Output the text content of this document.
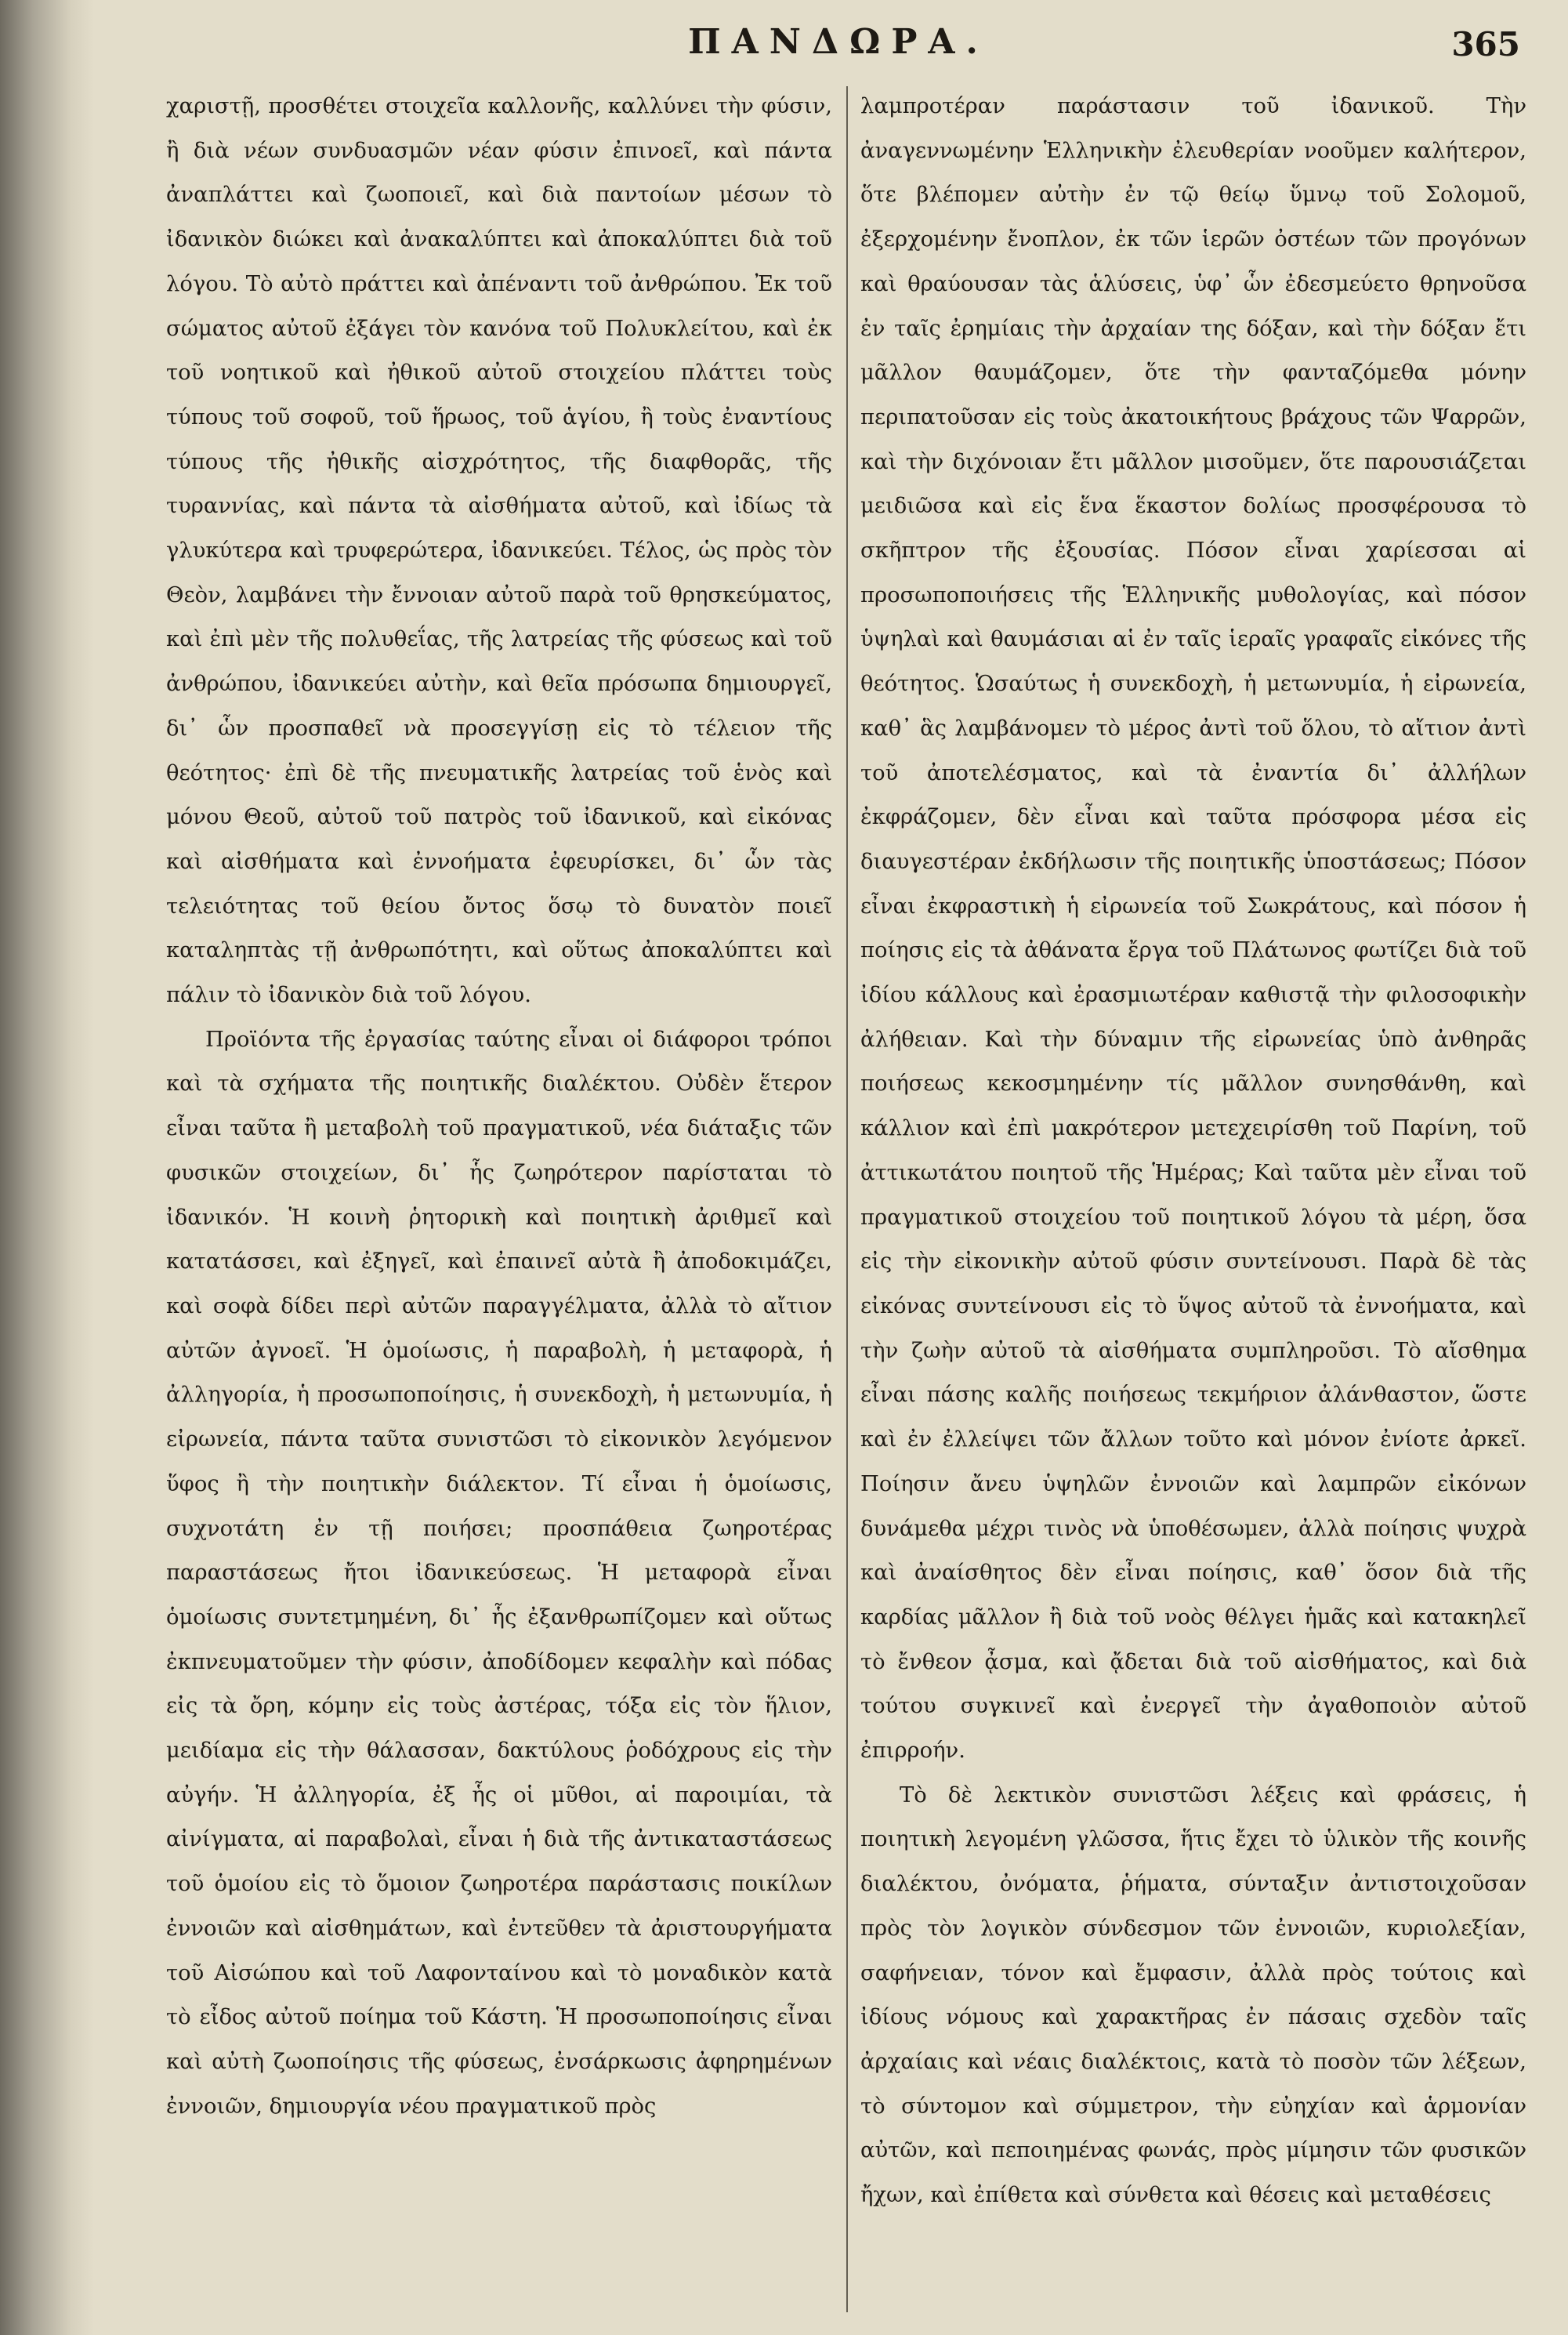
ΠΑΝΔΩΡΑ.	365

χαριστῇ, προσθέτει στοιχεῖα καλλονῆς, καλλύνει τὴν φύσιν, ἢ διὰ νέων συνδυασμῶν νέαν φύσιν ἐπινοεῖ, καὶ πάντα ἀναπλάττει καὶ ζωοποιεῖ, καὶ διὰ παντοίων μέσων τὸ ἰδανικὸν διώκει καὶ ἀνακαλύπτει καὶ ἀποκαλύπτει διὰ τοῦ λόγου. Τὸ αὐτὸ πράττει καὶ ἀπέναντι τοῦ ἀνθρώπου. Ἐκ τοῦ σώματος αὐτοῦ ἐξάγει τὸν κανόνα τοῦ Πολυκλείτου, καὶ ἐκ τοῦ νοητικοῦ καὶ ἠθικοῦ αὐτοῦ στοιχείου πλάττει τοὺς τύπους τοῦ σοφοῦ, τοῦ ἥρωος, τοῦ ἁγίου, ἢ τοὺς ἐναντίους τύπους τῆς ἠθικῆς αἰσχρότητος, τῆς διαφθορᾶς, τῆς τυραννίας, καὶ πάντα τὰ αἰσθήματα αὐτοῦ, καὶ ἰδίως τὰ γλυκύτερα καὶ τρυφερώτερα, ἰδανικεύει. Τέλος, ὡς πρὸς τὸν Θεὸν, λαμβάνει τὴν ἔννοιαν αὐτοῦ παρὰ τοῦ θρησκεύματος, καὶ ἐπὶ μὲν τῆς πολυθεΐας, τῆς λατρείας τῆς φύσεως καὶ τοῦ ἀνθρώπου, ἰδανικεύει αὐτὴν, καὶ θεῖα πρόσωπα δημιουργεῖ, δι᾽ ὧν προσπαθεῖ νὰ προσεγγίσῃ εἰς τὸ τέλειον τῆς θεότητος· ἐπὶ δὲ τῆς πνευματικῆς λατρείας τοῦ ἑνὸς καὶ μόνου Θεοῦ, αὐτοῦ τοῦ πατρὸς τοῦ ἰδανικοῦ, καὶ εἰκόνας καὶ αἰσθήματα καὶ ἐννοήματα ἐφευρίσκει, δι᾽ ὧν τὰς τελειότητας τοῦ θείου ὄντος ὅσῳ τὸ δυνατὸν ποιεῖ καταληπτὰς τῇ ἀνθρωπότητι, καὶ οὕτως ἀποκαλύπτει καὶ πάλιν τὸ ἰδανικὸν διὰ τοῦ λόγου.

Προϊόντα τῆς ἐργασίας ταύτης εἶναι οἱ διάφοροι τρόποι καὶ τὰ σχήματα τῆς ποιητικῆς διαλέκτου. Οὐδὲν ἕτερον εἶναι ταῦτα ἢ μεταβολὴ τοῦ πραγματικοῦ, νέα διάταξις τῶν φυσικῶν στοιχείων, δι᾽ ἧς ζωηρότερον παρίσταται τὸ ἰδανικόν. Ἡ κοινὴ ῥητορικὴ καὶ ποιητικὴ ἀριθμεῖ καὶ κατατάσσει, καὶ ἐξηγεῖ, καὶ ἐπαινεῖ αὐτὰ ἢ ἀποδοκιμάζει, καὶ σοφὰ δίδει περὶ αὐτῶν παραγγέλματα, ἀλλὰ τὸ αἴτιον αὐτῶν ἀγνοεῖ. Ἡ ὁμοίωσις, ἡ παραβολὴ, ἡ μεταφορὰ, ἡ ἀλληγορία, ἡ προσωποποίησις, ἡ συνεκδοχὴ, ἡ μετωνυμία, ἡ εἰρωνεία, πάντα ταῦτα συνιστῶσι τὸ εἰκονικὸν λεγόμενον ὕφος ἢ τὴν ποιητικὴν διάλεκτον. Τί εἶναι ἡ ὁμοίωσις, συχνοτάτη ἐν τῇ ποιήσει; προσπάθεια ζωηροτέρας παραστάσεως ἤτοι ἰδανικεύσεως. Ἡ μεταφορὰ εἶναι ὁμοίωσις συντετμημένη, δι᾽ ἧς ἐξανθρωπίζομεν καὶ οὕτως ἐκπνευματοῦμεν τὴν φύσιν, ἀποδίδομεν κεφαλὴν καὶ πόδας εἰς τὰ ὄρη, κόμην εἰς τοὺς ἀστέρας, τόξα εἰς τὸν ἥλιον, μειδίαμα εἰς τὴν θάλασσαν, δακτύλους ῥοδόχρους εἰς τὴν αὐγήν. Ἡ ἀλληγορία, ἐξ ἧς οἱ μῦθοι, αἱ παροιμίαι, τὰ αἰνίγματα, αἱ παραβολαὶ, εἶναι ἡ διὰ τῆς ἀντικαταστάσεως τοῦ ὁμοίου εἰς τὸ ὅμοιον ζωηροτέρα παράστασις ποικίλων ἐννοιῶν καὶ αἰσθημάτων, καὶ ἐντεῦθεν τὰ ἀριστουργήματα τοῦ Αἰσώπου καὶ τοῦ Λαφονταίνου καὶ τὸ μοναδικὸν κατὰ τὸ εἶδος αὐτοῦ ποίημα τοῦ Κάστη. Ἡ προσωποποίησις εἶναι καὶ αὐτὴ ζωοποίησις τῆς φύσεως, ἐνσάρκωσις ἀφηρημένων ἐννοιῶν, δημιουργία νέου πραγματικοῦ πρὸς

λαμπροτέραν παράστασιν τοῦ ἰδανικοῦ. Τὴν ἀναγεννωμένην Ἑλληνικὴν ἐλευθερίαν νοοῦμεν καλήτερον, ὅτε βλέπομεν αὐτὴν ἐν τῷ θείῳ ὕμνῳ τοῦ Σολομοῦ, ἐξερχομένην ἔνοπλον, ἐκ τῶν ἱερῶν ὀστέων τῶν προγόνων καὶ θραύουσαν τὰς ἁλύσεις, ὑφ᾽ ὧν ἐδεσμεύετο θρηνοῦσα ἐν ταῖς ἐρημίαις τὴν ἀρχαίαν της δόξαν, καὶ τὴν δόξαν ἔτι μᾶλλον θαυμάζομεν, ὅτε τὴν φανταζόμεθα μόνην περιπατοῦσαν εἰς τοὺς ἀκατοικήτους βράχους τῶν Ψαρρῶν, καὶ τὴν διχόνοιαν ἔτι μᾶλλον μισοῦμεν, ὅτε παρουσιάζεται μειδιῶσα καὶ εἰς ἕνα ἕκαστον δολίως προσφέρουσα τὸ σκῆπτρον τῆς ἐξουσίας. Πόσον εἶναι χαρίεσσαι αἱ προσωποποιήσεις τῆς Ἑλληνικῆς μυθολογίας, καὶ πόσον ὑψηλαὶ καὶ θαυμάσιαι αἱ ἐν ταῖς ἱεραῖς γραφαῖς εἰκόνες τῆς θεότητος. Ὡσαύτως ἡ συνεκδοχὴ, ἡ μετωνυμία, ἡ εἰρωνεία, καθ᾽ ἃς λαμβάνομεν τὸ μέρος ἀντὶ τοῦ ὅλου, τὸ αἴτιον ἀντὶ τοῦ ἀποτελέσματος, καὶ τὰ ἐναντία δι᾽ ἀλλήλων ἐκφράζομεν, δὲν εἶναι καὶ ταῦτα πρόσφορα μέσα εἰς διαυγεστέραν ἐκδήλωσιν τῆς ποιητικῆς ὑποστάσεως; Πόσον εἶναι ἐκφραστικὴ ἡ εἰρωνεία τοῦ Σωκράτους, καὶ πόσον ἡ ποίησις εἰς τὰ ἀθάνατα ἔργα τοῦ Πλάτωνος φωτίζει διὰ τοῦ ἰδίου κάλλους καὶ ἐρασμιωτέραν καθιστᾷ τὴν φιλοσοφικὴν ἀλήθειαν. Καὶ τὴν δύναμιν τῆς εἰρωνείας ὑπὸ ἀνθηρᾶς ποιήσεως κεκοσμημένην τίς μᾶλλον συνησθάνθη, καὶ κάλλιον καὶ ἐπὶ μακρότερον μετεχειρίσθη τοῦ Παρίνη, τοῦ ἀττικωτάτου ποιητοῦ τῆς Ἡμέρας; Καὶ ταῦτα μὲν εἶναι τοῦ πραγματικοῦ στοιχείου τοῦ ποιητικοῦ λόγου τὰ μέρη, ὅσα εἰς τὴν εἰκονικὴν αὐτοῦ φύσιν συντείνουσι. Παρὰ δὲ τὰς εἰκόνας συντείνουσι εἰς τὸ ὕψος αὐτοῦ τὰ ἐννοήματα, καὶ τὴν ζωὴν αὐτοῦ τὰ αἰσθήματα συμπληροῦσι. Τὸ αἴσθημα εἶναι πάσης καλῆς ποιήσεως τεκμήριον ἀλάνθαστον, ὥστε καὶ ἐν ἐλλείψει τῶν ἄλλων τοῦτο καὶ μόνον ἐνίοτε ἀρκεῖ. Ποίησιν ἄνευ ὑψηλῶν ἐννοιῶν καὶ λαμπρῶν εἰκόνων δυνάμεθα μέχρι τινὸς νὰ ὑποθέσωμεν, ἀλλὰ ποίησις ψυχρὰ καὶ ἀναίσθητος δὲν εἶναι ποίησις, καθ᾽ ὅσον διὰ τῆς καρδίας μᾶλλον ἢ διὰ τοῦ νοὸς θέλγει ἡμᾶς καὶ κατακηλεῖ τὸ ἔνθεον ᾆσμα, καὶ ᾄδεται διὰ τοῦ αἰσθήματος, καὶ διὰ τούτου συγκινεῖ καὶ ἐνεργεῖ τὴν ἀγαθοποιὸν αὐτοῦ ἐπιρροήν.

Τὸ δὲ λεκτικὸν συνιστῶσι λέξεις καὶ φράσεις, ἡ ποιητικὴ λεγομένη γλῶσσα, ἥτις ἔχει τὸ ὑλικὸν τῆς κοινῆς διαλέκτου, ὀνόματα, ῥήματα, σύνταξιν ἀντιστοιχοῦσαν πρὸς τὸν λογικὸν σύνδεσμον τῶν ἐννοιῶν, κυριολεξίαν, σαφήνειαν, τόνον καὶ ἔμφασιν, ἀλλὰ πρὸς τούτοις καὶ ἰδίους νόμους καὶ χαρακτῆρας ἐν πάσαις σχεδὸν ταῖς ἀρχαίαις καὶ νέαις διαλέκτοις, κατὰ τὸ ποσὸν τῶν λέξεων, τὸ σύντομον καὶ σύμμετρον, τὴν εὐηχίαν καὶ ἁρμονίαν αὐτῶν, καὶ πεποιημένας φωνάς, πρὸς μίμησιν τῶν φυσικῶν ἤχων, καὶ ἐπίθετα καὶ σύνθετα καὶ θέσεις καὶ μεταθέσεις
